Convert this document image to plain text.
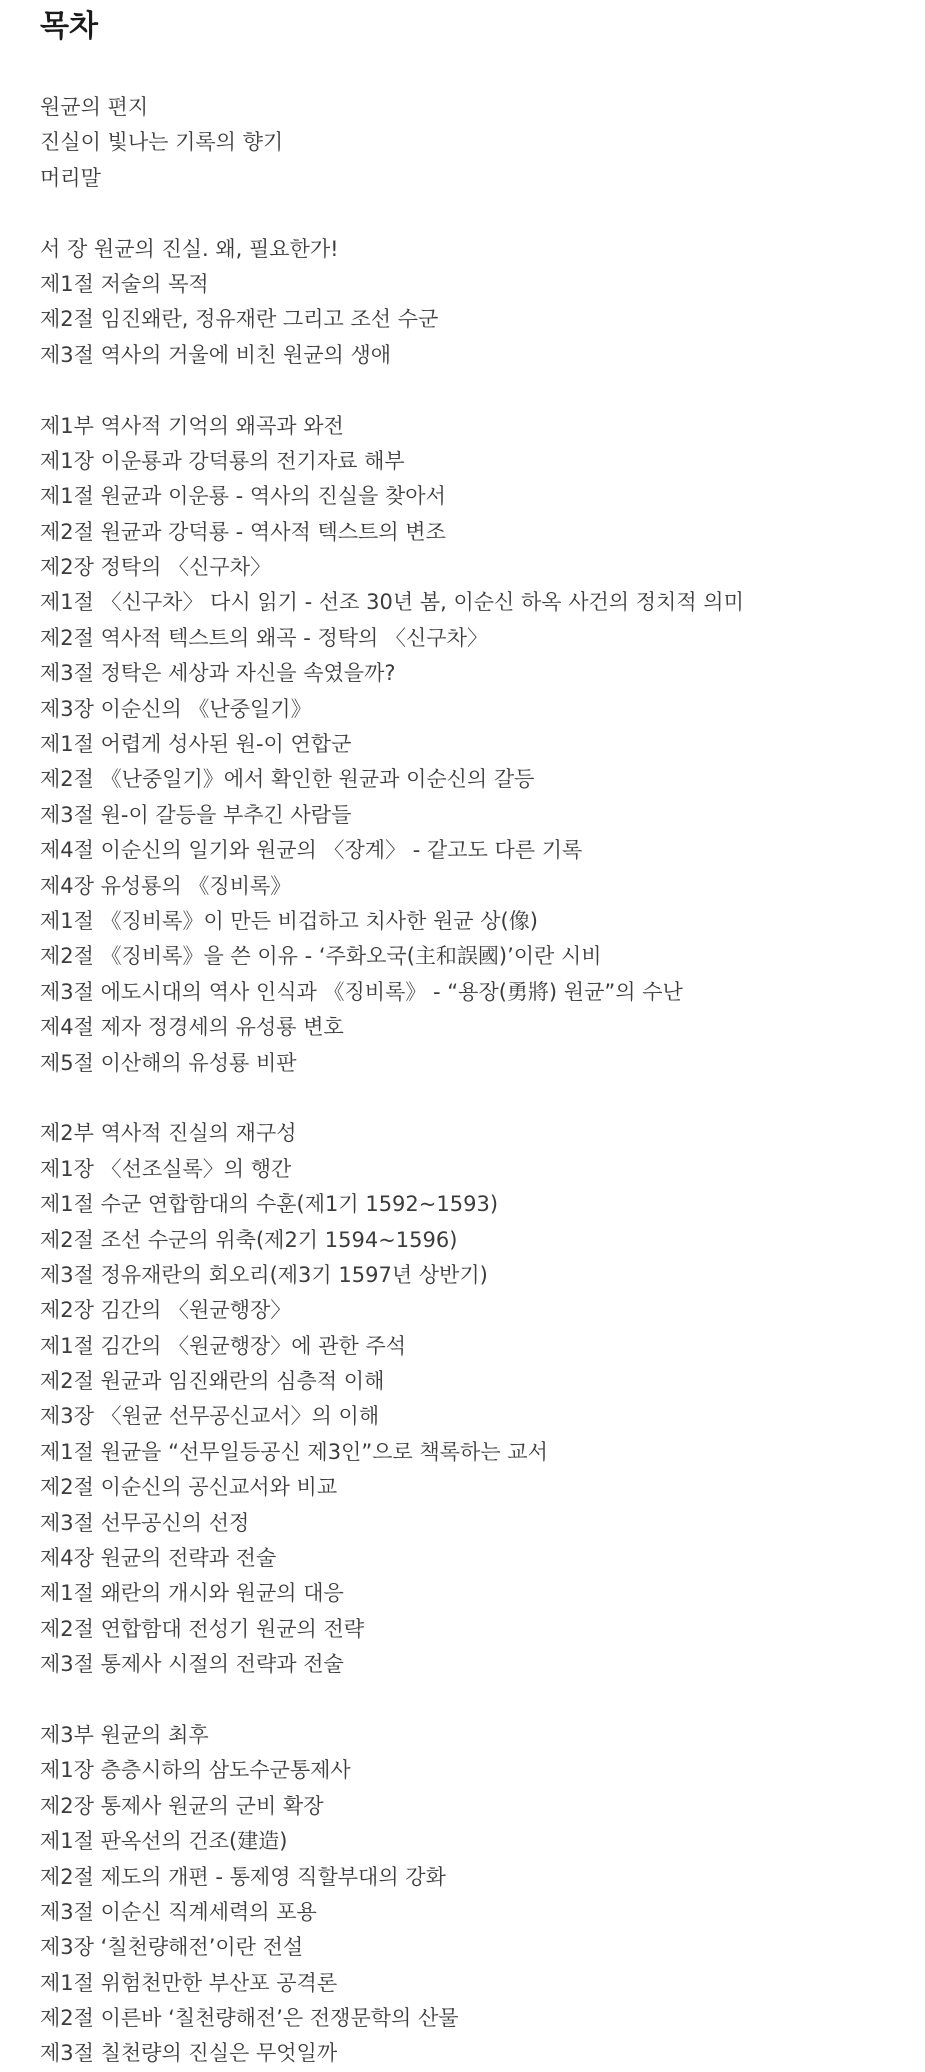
목차
원균의 편지
진실이 빛나는 기록의 향기
머리말
서 장 원균의 진실. 왜, 필요한가!
제1절 저술의 목적
제2절 임진왜란, 정유재란 그리고 조선 수군
제3절 역사의 거울에 비친 원균의 생애
제1부 역사적 기억의 왜곡과 와전
제1장 이운룡과 강덕룡의 전기자료 해부
제1절 원균과 이운룡 - 역사의 진실을 찾아서
제2절 원균과 강덕룡 - 역사적 텍스트의 변조
제2장 정탁의 〈신구차〉
제1절 〈신구차〉 다시 읽기 - 선조 30년 봄, 이순신 하옥 사건의 정치적 의미
제2절 역사적 텍스트의 왜곡 - 정탁의 〈신구차〉
제3절 정탁은 세상과 자신을 속였을까?
제3장 이순신의 《난중일기》
제1절 어렵게 성사된 원-이 연합군
제2절 《난중일기》에서 확인한 원균과 이순신의 갈등
제3절 원-이 갈등을 부추긴 사람들
제4절 이순신의 일기와 원균의 〈장계〉 - 같고도 다른 기록
제4장 유성룡의 《징비록》
제1절 《징비록》이 만든 비겁하고 치사한 원균 상(像)
제2절 《징비록》을 쓴 이유 - ‘주화오국(主和誤國)’이란 시비
제3절 에도시대의 역사 인식과 《징비록》 - “용장(勇將) 원균”의 수난
제4절 제자 정경세의 유성룡 변호
제5절 이산해의 유성룡 비판
제2부 역사적 진실의 재구성
제1장 〈선조실록〉의 행간
제1절 수군 연합함대의 수훈(제1기 1592~1593)
제2절 조선 수군의 위축(제2기 1594~1596)
제3절 정유재란의 회오리(제3기 1597년 상반기)
제2장 김간의 〈원균행장〉
제1절 김간의 〈원균행장〉에 관한 주석
제2절 원균과 임진왜란의 심층적 이해
제3장 〈원균 선무공신교서〉의 이해
제1절 원균을 “선무일등공신 제3인”으로 책록하는 교서
제2절 이순신의 공신교서와 비교
제3절 선무공신의 선정
제4장 원균의 전략과 전술
제1절 왜란의 개시와 원균의 대응
제2절 연합함대 전성기 원균의 전략
제3절 통제사 시절의 전략과 전술
제3부 원균의 최후
제1장 층층시하의 삼도수군통제사
제2장 통제사 원균의 군비 확장
제1절 판옥선의 건조(建造)
제2절 제도의 개편 - 통제영 직할부대의 강화
제3절 이순신 직계세력의 포용
제3장 ‘칠천량해전’이란 전설
제1절 위험천만한 부산포 공격론
제2절 이른바 ‘칠천량해전’은 전쟁문학의 산물
제3절 칠천량의 진실은 무엇일까
